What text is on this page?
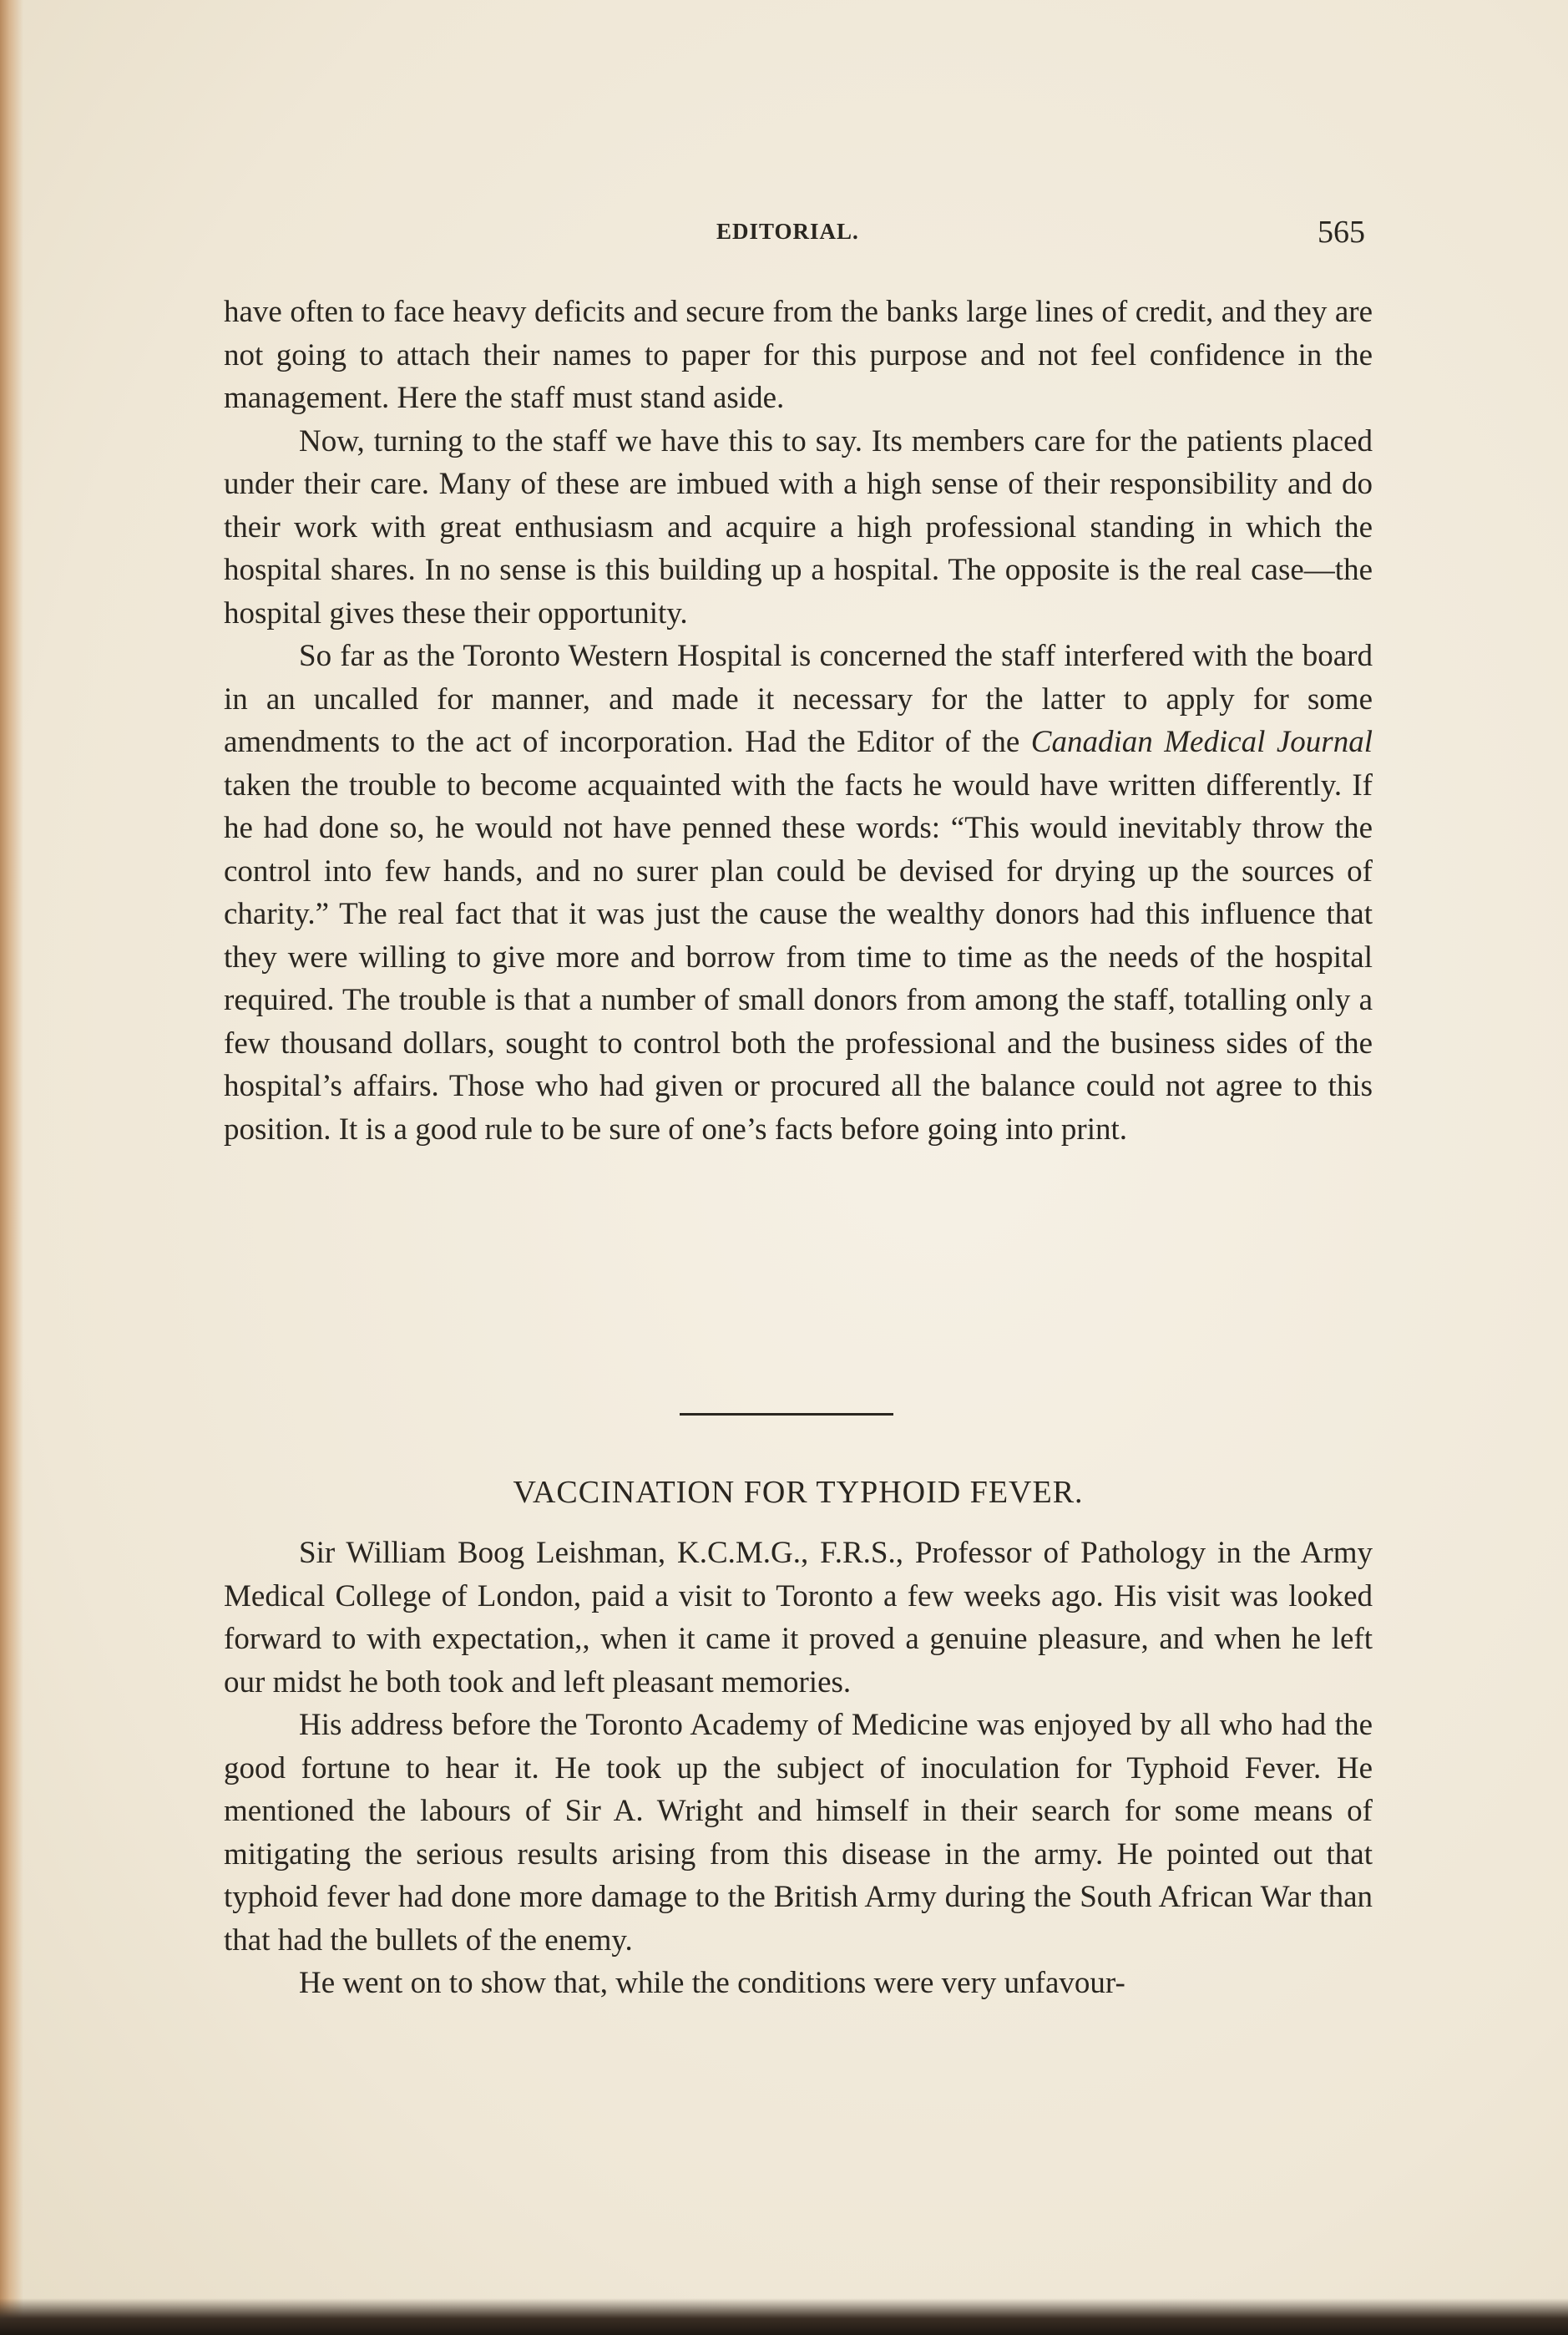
EDITORIAL.	565

have often to face heavy deficits and secure from the banks large lines of credit, and they are not going to attach their names to paper for this purpose and not feel confidence in the management. Here the staff must stand aside.

Now, turning to the staff we have this to say. Its members care for the patients placed under their care. Many of these are imbued with a high sense of their responsibility and do their work with great enthusiasm and acquire a high professional standing in which the hospital shares. In no sense is this building up a hospital. The opposite is the real case—the hospital gives these their opportunity.

So far as the Toronto Western Hospital is concerned the staff interfered with the board in an uncalled for manner, and made it necessary for the latter to apply for some amendments to the act of incorporation. Had the Editor of the Canadian Medical Journal taken the trouble to become acquainted with the facts he would have written differently. If he had done so, he would not have penned these words: “This would inevitably throw the control into few hands, and no surer plan could be devised for drying up the sources of charity.” The real fact that it was just the cause the wealthy donors had this influence that they were willing to give more and borrow from time to time as the needs of the hospital required. The trouble is that a number of small donors from among the staff, totalling only a few thousand dollars, sought to control both the professional and the business sides of the hospital’s affairs. Those who had given or procured all the balance could not agree to this position. It is a good rule to be sure of one’s facts before going into print.

VACCINATION FOR TYPHOID FEVER.

Sir William Boog Leishman, K.C.M.G., F.R.S., Professor of Pathology in the Army Medical College of London, paid a visit to Toronto a few weeks ago. His visit was looked forward to with expectation,, when it came it proved a genuine pleasure, and when he left our midst he both took and left pleasant memories.

His address before the Toronto Academy of Medicine was enjoyed by all who had the good fortune to hear it. He took up the subject of inoculation for Typhoid Fever. He mentioned the labours of Sir A. Wright and himself in their search for some means of mitigating the serious results arising from this disease in the army. He pointed out that typhoid fever had done more damage to the British Army during the South African War than that had the bullets of the enemy.

He went on to show that, while the conditions were very unfavour-
